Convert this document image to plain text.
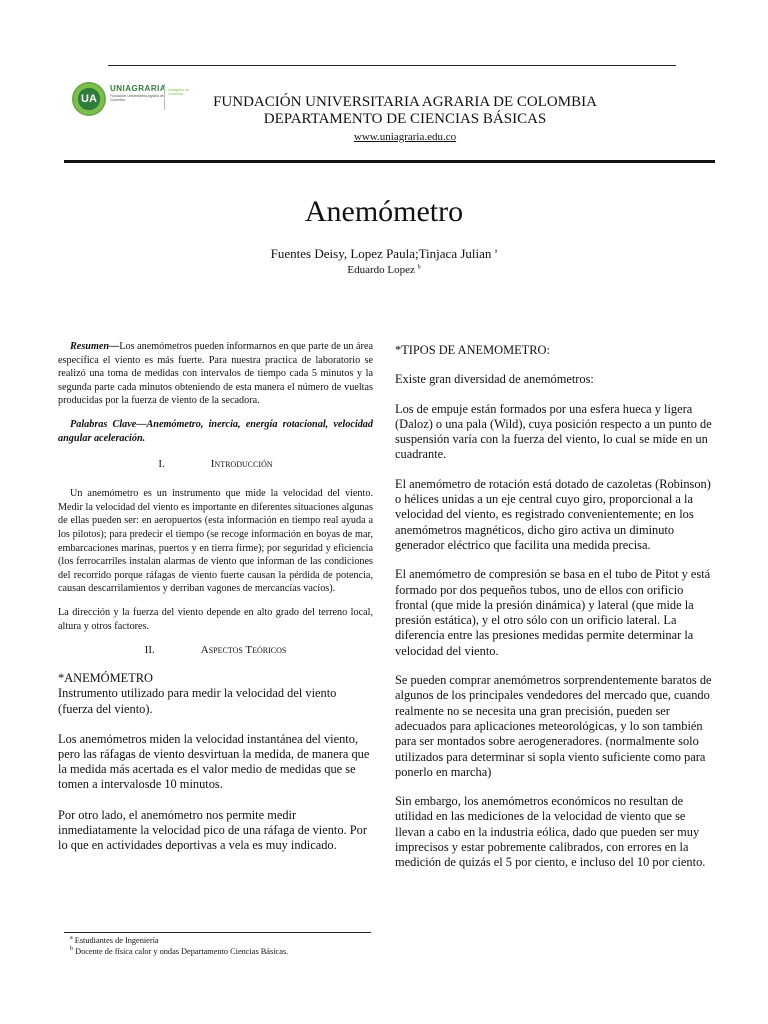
UA
UNIAGRARIA
Fundación Universitaria Agraria de Colombia
Uniagraria de Colombia	FUNDACIÓN UNIVERSITARIA AGRARIA DE COLOMBIA
DEPARTAMENTO DE CIENCIAS BÁSICAS
www.uniagraria.edu.co
Anemómetro
Fuentes Deisy, Lopez Paula;Tinjaca Julian $^a$
Eduardo Lopez $^b$

Resumen—Los anemómetros pueden informarnos en que parte de un área específica el viento es más fuerte. Para nuestra practica de laboratorio se realizó una toma de medidas con intervalos de tiempo cada 5 minutos y la segunda parte cada minutos obteniendo de esta manera el número de vueltas producidas por la fuerza de viento de la secadora.

Palabras Clave—Anemómetro, inercia, energía rotacional, velocidad angular aceleración.

I.	Introducción

Un anemómetro es un instrumento que mide la velocidad del viento. Medir la velocidad del viento es importante en diferentes situaciones algunas de ellas pueden ser: en aeropuertos (esta información en tiempo real ayuda a los pilotos); para predecir el tiempo (se recoge información en boyas de mar, embarcaciones marinas, puertos y en tierra firme); por seguridad y eficiencia (los ferrocarriles instalan alarmas de viento que informan de las condiciones del recorrido porque ráfagas de viento fuerte causan la pérdida de potencia, causan descarrilamientos y derriban vagones de mercancías vacíos).

La dirección y la fuerza del viento depende en alto grado del terreno local, altura y otros factores.

II.	Aspectos Teóricos

*ANEMÓMETRO

Instrumento utilizado para medir la velocidad del viento (fuerza del viento).

Los anemómetros miden la velocidad instantánea del viento, pero las ráfagas de viento desvirtuan la medida, de manera que la medida más acertada es el valor medio de medidas que se tomen a intervalosde 10 minutos.

Por otro lado, el anemómetro nos permite medir inmediatamente la velocidad pico de una ráfaga de viento. Por lo que en actividades deportivas a vela es muy indicado.

$^a$ Estudiantes de Ingeniería
$^b$ Docente de física calor y ondas Departamento Ciencias Básicas.

*TIPOS DE ANEMOMETRO:

Existe gran diversidad de anemómetros:

Los de empuje están formados por una esfera hueca y ligera (Daloz) o una pala (Wild), cuya posición respecto a un punto de suspensión varía con la fuerza del viento, lo cual se mide en un cuadrante.

El anemómetro de rotación está dotado de cazoletas (Robinson) o hélices unidas a un eje central cuyo giro, proporcional a la velocidad del viento, es registrado convenientemente; en los anemómetros magnéticos, dicho giro activa un diminuto generador eléctrico que facilita una medida precisa.

El anemómetro de compresión se basa en el tubo de Pitot y está formado por dos pequeños tubos, uno de ellos con orificio frontal (que mide la presión dinámica) y lateral (que mide la presión estática), y el otro sólo con un orificio lateral. La diferencia entre las presiones medidas permite determinar la velocidad del viento.

Se pueden comprar anemómetros sorprendentemente baratos de algunos de los principales vendedores del mercado que, cuando realmente no se necesita una gran precisión, pueden ser adecuados para aplicaciones meteorológicas, y lo son también para ser montados sobre aerogeneradores. (normalmente solo utilizados para determinar si sopla viento suficiente como para ponerlo en marcha)

Sin embargo, los anemómetros económicos no resultan de utilidad en las mediciones de la velocidad de viento que se llevan a cabo en la industria eólica, dado que pueden ser muy imprecisos y estar pobremente calibrados, con errores en la medición de quizás el 5 por ciento, e incluso del 10 por ciento.
